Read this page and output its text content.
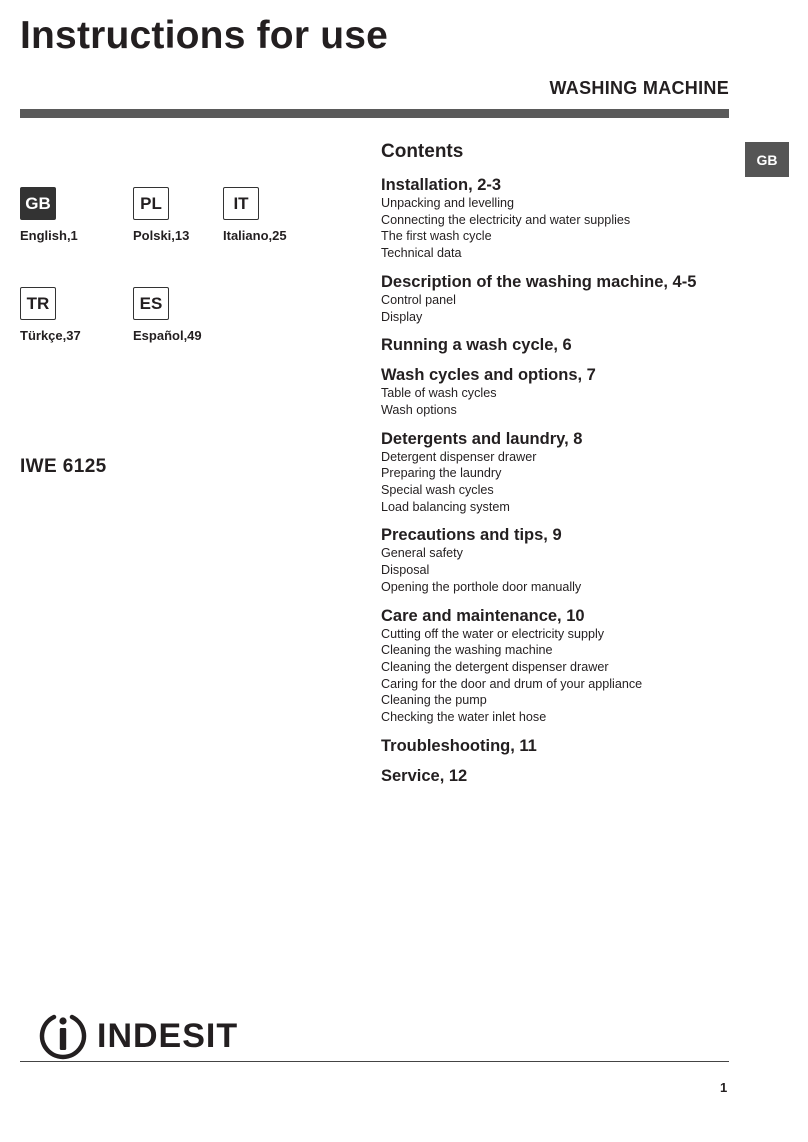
Instructions for use
WASHING MACHINE
GB
GB
English,1
PL
Polski,13
IT
Italiano,25
TR
Türkçe,37
ES
Español,49
IWE 6125
Contents
Installation, 2-3
Unpacking and levelling
Connecting the electricity and water supplies
The first wash cycle
Technical data
Description of the washing machine, 4-5
Control panel
Display
Running a wash cycle, 6
Wash cycles and options, 7
Table of wash cycles
Wash options
Detergents and laundry, 8
Detergent dispenser drawer
Preparing the laundry
Special wash cycles
Load balancing system
Precautions and tips, 9
General safety
Disposal
Opening the porthole door manually
Care and maintenance, 10
Cutting off the water or electricity supply
Cleaning the washing machine
Cleaning the detergent dispenser drawer
Caring for the door and drum of your appliance
Cleaning the pump
Checking the water inlet hose
Troubleshooting, 11
Service, 12
INDESIT
1
